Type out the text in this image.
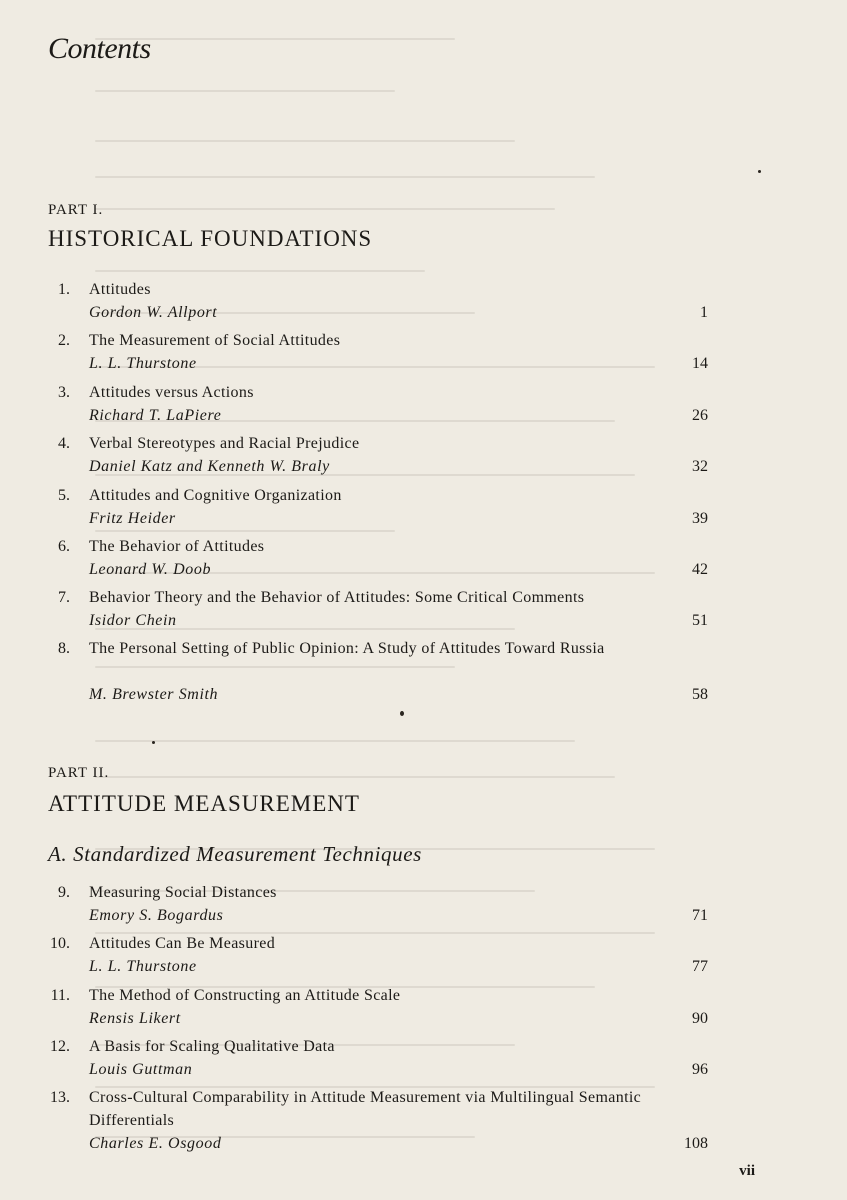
Contents
PART I.
HISTORICAL FOUNDATIONS
1. Attitudes
Gordon W. Allport	1
2. The Measurement of Social Attitudes
L. L. Thurstone	14
3. Attitudes versus Actions
Richard T. LaPiere	26
4. Verbal Stereotypes and Racial Prejudice
Daniel Katz and Kenneth W. Braly	32
5. Attitudes and Cognitive Organization
Fritz Heider	39
6. The Behavior of Attitudes
Leonard W. Doob	42
7. Behavior Theory and the Behavior of Attitudes: Some Critical Comments
Isidor Chein	51
8. The Personal Setting of Public Opinion: A Study of Attitudes Toward Russia
M. Brewster Smith	58
PART II.
ATTITUDE MEASUREMENT
A. Standardized Measurement Techniques
9. Measuring Social Distances
Emory S. Bogardus	71
10. Attitudes Can Be Measured
L. L. Thurstone	77
11. The Method of Constructing an Attitude Scale
Rensis Likert	90
12. A Basis for Scaling Qualitative Data
Louis Guttman	96
13. Cross-Cultural Comparability in Attitude Measurement via Multilingual Semantic Differentials
Charles E. Osgood	108
vii
